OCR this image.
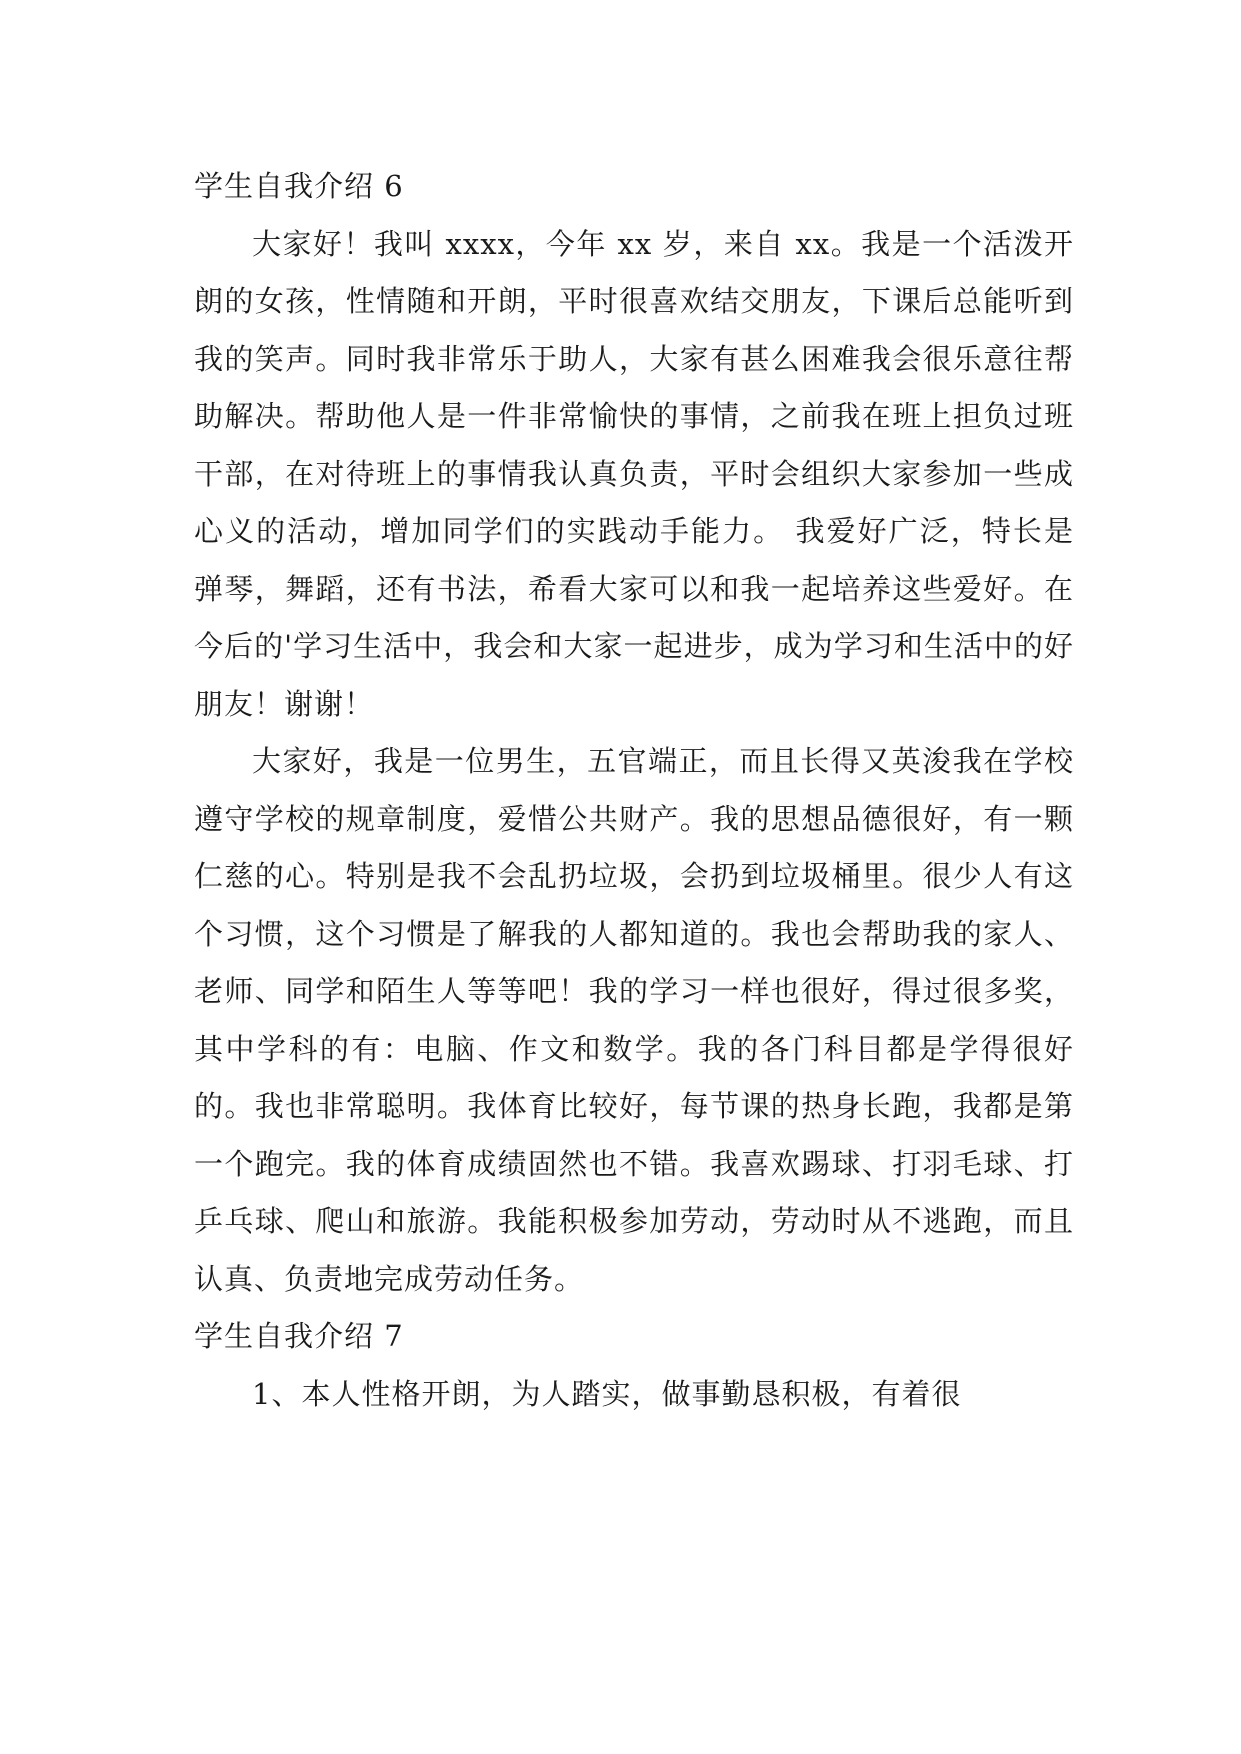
学生自我介绍 6

大家好！我叫 xxxx，今年 xx 岁，来自 xx。我是一个活泼开朗的女孩，性情随和开朗，平时很喜欢结交朋友，下课后总能听到我的笑声。同时我非常乐于助人，大家有甚么困难我会很乐意往帮助解决。帮助他人是一件非常愉快的事情，之前我在班上担负过班干部，在对待班上的事情我认真负责，平时会组织大家参加一些成心义的活动，增加同学们的实践动手能力。 我爱好广泛，特长是弹琴，舞蹈，还有书法，希看大家可以和我一起培养这些爱好。在今后的'学习生活中，我会和大家一起进步，成为学习和生活中的好朋友！谢谢！

大家好，我是一位男生，五官端正，而且长得又英浚我在学校遵守学校的规章制度，爱惜公共财产。我的思想品德很好，有一颗仁慈的心。特别是我不会乱扔垃圾，会扔到垃圾桶里。很少人有这个习惯，这个习惯是了解我的人都知道的。我也会帮助我的家人、老师、同学和陌生人等等吧！我的学习一样也很好，得过很多奖，其中学科的有：电脑、作文和数学。我的各门科目都是学得很好的。我也非常聪明。我体育比较好，每节课的热身长跑，我都是第一个跑完。我的体育成绩固然也不错。我喜欢踢球、打羽毛球、打乒乓球、爬山和旅游。我能积极参加劳动，劳动时从不逃跑，而且认真、负责地完成劳动任务。

学生自我介绍 7

1、本人性格开朗，为人踏实，做事勤恳积极，有着很
